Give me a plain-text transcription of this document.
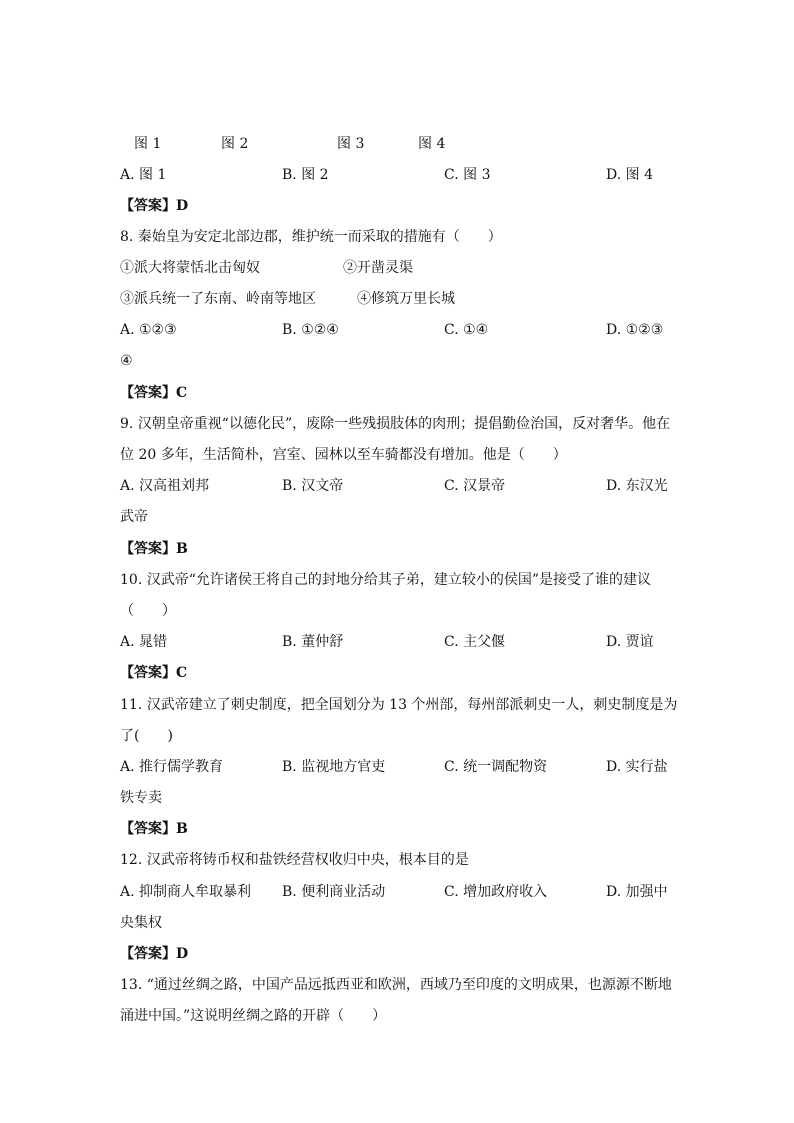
图 1	图 2	图 3	图 4
A. 图 1	B. 图 2	C. 图 3	D. 图 4
【答案】D
8. 秦始皇为安定北部边郡，维护统一而采取的措施有（　　）
①派大将蒙恬北击匈奴	②开凿灵渠
③派兵统一了东南、岭南等地区	④修筑万里长城
A. ①②③	B. ①②④	C. ①④	D. ①②③
④
【答案】C
9. 汉朝皇帝重视“以德化民”，废除一些残损肢体的肉刑；提倡勤俭治国，反对奢华。他在
位 20 多年，生活简朴，宫室、园林以至车骑都没有增加。他是（　　）
A. 汉高祖刘邦	B. 汉文帝	C. 汉景帝	D. 东汉光
武帝
【答案】B
10. 汉武帝“允许诸侯王将自己的封地分给其子弟，建立较小的侯国”是接受了谁的建议
（　　）
A. 晁错	B. 董仲舒	C. 主父偃	D. 贾谊
【答案】C
11. 汉武帝建立了刺史制度，把全国划分为 13 个州部，每州部派刺史一人，刺史制度是为
了(　　)
A. 推行儒学教育	B. 监视地方官吏	C. 统一调配物资	D. 实行盐
铁专卖
【答案】B
12. 汉武帝将铸币权和盐铁经营权收归中央，根本目的是
A. 抑制商人牟取暴利 B. 便利商业活动	C. 增加政府收入	D. 加强中
央集权
【答案】D
13. “通过丝绸之路，中国产品远抵西亚和欧洲，西域乃至印度的文明成果，也源源不断地
涌进中国。”这说明丝绸之路的开辟（　　）
